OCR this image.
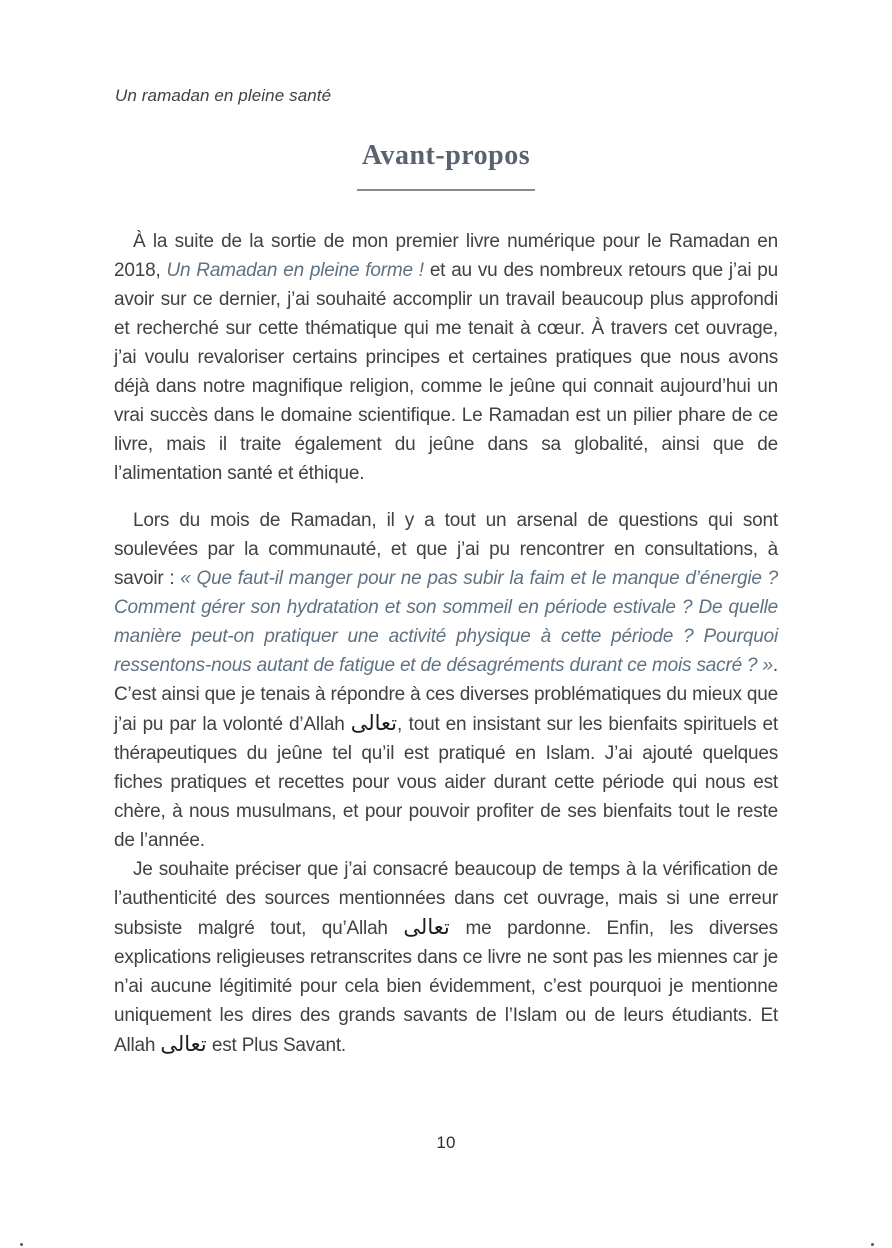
Un ramadan en pleine santé
Avant-propos

À la suite de la sortie de mon premier livre numérique pour le Ramadan en 2018, Un Ramadan en pleine forme ! et au vu des nombreux retours que j’ai pu avoir sur ce dernier, j’ai souhaité accomplir un travail beaucoup plus approfondi et recherché sur cette thématique qui me tenait à cœur. À travers cet ouvrage, j’ai voulu revaloriser certains principes et certaines pratiques que nous avons déjà dans notre magnifique religion, comme le jeûne qui connait aujourd’hui un vrai succès dans le domaine scientifique. Le Ramadan est un pilier phare de ce livre, mais il traite également du jeûne dans sa globalité, ainsi que de l’alimentation santé et éthique.

Lors du mois de Ramadan, il y a tout un arsenal de questions qui sont soulevées par la communauté, et que j’ai pu rencontrer en consultations, à savoir : « Que faut-il manger pour ne pas subir la faim et le manque d’énergie ? Comment gérer son hydratation et son sommeil en période estivale ? De quelle manière peut-on pratiquer une activité physique à cette période ? Pourquoi ressentons-nous autant de fatigue et de désagréments durant ce mois sacré ? ». C’est ainsi que je tenais à répondre à ces diverses problématiques du mieux que j’ai pu par la volonté d’Allah تعالى, tout en insistant sur les bienfaits spirituels et thérapeutiques du jeûne tel qu’il est pratiqué en Islam. J’ai ajouté quelques fiches pratiques et recettes pour vous aider durant cette période qui nous est chère, à nous musulmans, et pour pouvoir profiter de ses bienfaits tout le reste de l’année.

Je souhaite préciser que j’ai consacré beaucoup de temps à la vérification de l’authenticité des sources mentionnées dans cet ouvrage, mais si une erreur subsiste malgré tout, qu’Allah تعالى me pardonne. Enfin, les diverses explications religieuses retranscrites dans ce livre ne sont pas les miennes car je n’ai aucune légitimité pour cela bien évidemment, c’est pourquoi je mentionne uniquement les dires des grands savants de l’Islam ou de leurs étudiants. Et Allah تعالى est Plus Savant.

10
